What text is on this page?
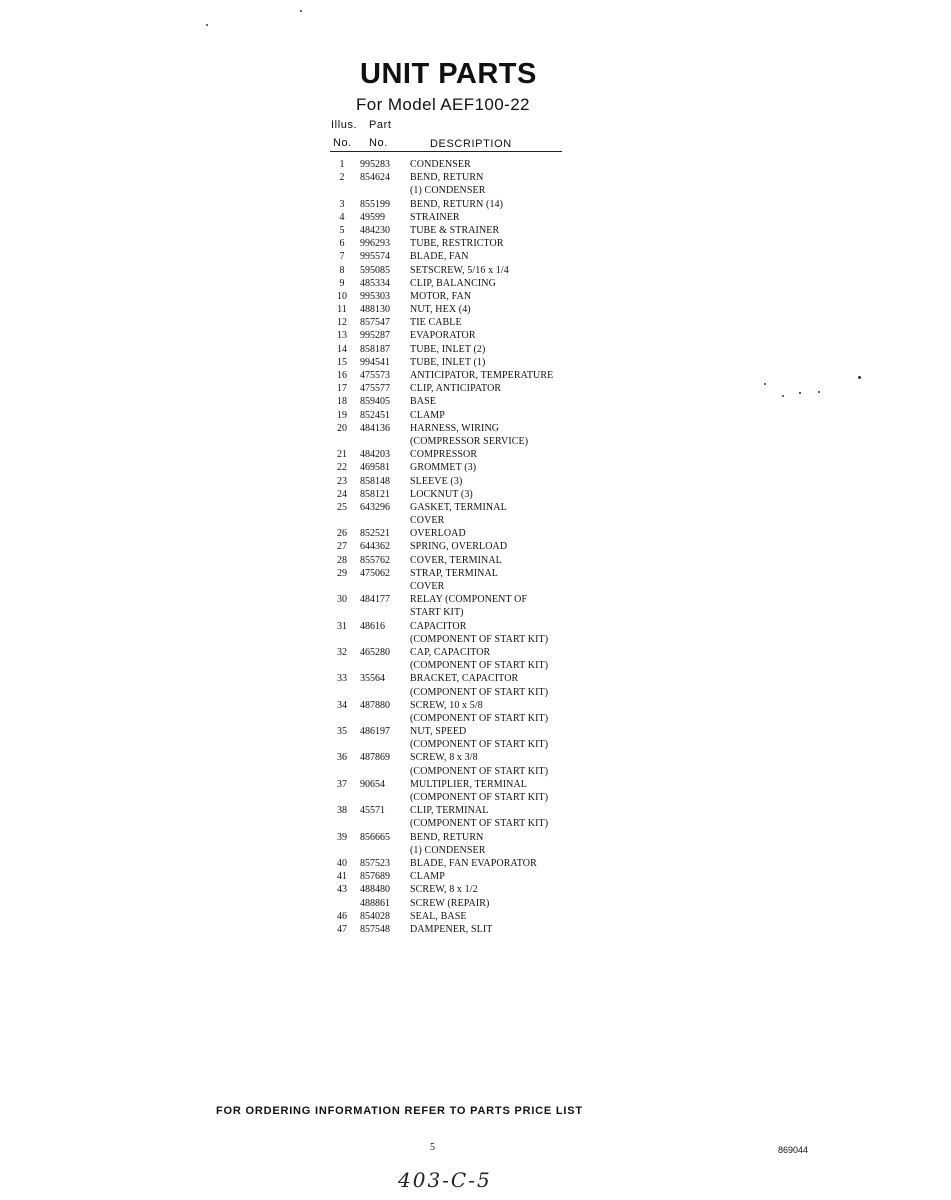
UNIT PARTS
For Model AEF100-22
Illus. Part
No. No.	DESCRIPTION
1	995283 CONDENSER
2	854624 BEND, RETURN
(1) CONDENSER
3	855199 BEND, RETURN (14)
4	49599	STRAINER
5	484230 TUBE & STRAINER
6	996293 TUBE, RESTRICTOR
7	995574 BLADE, FAN
8	595085 SETSCREW, 5/16 x 1/4
9	485334 CLIP, BALANCING
10	995303 MOTOR, FAN
11	488130 NUT, HEX (4)
12	857547 TIE CABLE
13	995287 EVAPORATOR
14	858187 TUBE, INLET (2)
15	994541 TUBE, INLET (1)
16	475573 ANTICIPATOR, TEMPERATURE
17	475577 CLIP, ANTICIPATOR
18	859405 BASE
19	852451 CLAMP
20	484136 HARNESS, WIRING
(COMPRESSOR SERVICE)
21	484203 COMPRESSOR
22	469581 GROMMET (3)
23	858148 SLEEVE (3)
24	858121 LOCKNUT (3)
25	643296 GASKET, TERMINAL
COVER
26	852521 OVERLOAD
27	644362 SPRING, OVERLOAD
28	855762 COVER, TERMINAL
29	475062 STRAP, TERMINAL
COVER
30	484177 RELAY (COMPONENT OF
START KIT)
31	48616	CAPACITOR
(COMPONENT OF START KIT)
32	465280 CAP, CAPACITOR
(COMPONENT OF START KIT)
33	35564	BRACKET, CAPACITOR
(COMPONENT OF START KIT)
34	487880 SCREW, 10 x 5/8
(COMPONENT OF START KIT)
35	486197 NUT, SPEED
(COMPONENT OF START KIT)
36	487869 SCREW, 8 x 3/8
(COMPONENT OF START KIT)
37	90654	MULTIPLIER, TERMINAL
(COMPONENT OF START KIT)
38	45571	CLIP, TERMINAL
(COMPONENT OF START KIT)
39	856665 BEND, RETURN
(1) CONDENSER
40	857523 BLADE, FAN EVAPORATOR
41	857689 CLAMP
43	488480 SCREW, 8 x 1/2
488861 SCREW (REPAIR)
46	854028 SEAL, BASE
47	857548 DAMPENER, SLIT
FOR ORDERING INFORMATION REFER TO PARTS PRICE LIST
5	869044
403-C-5
